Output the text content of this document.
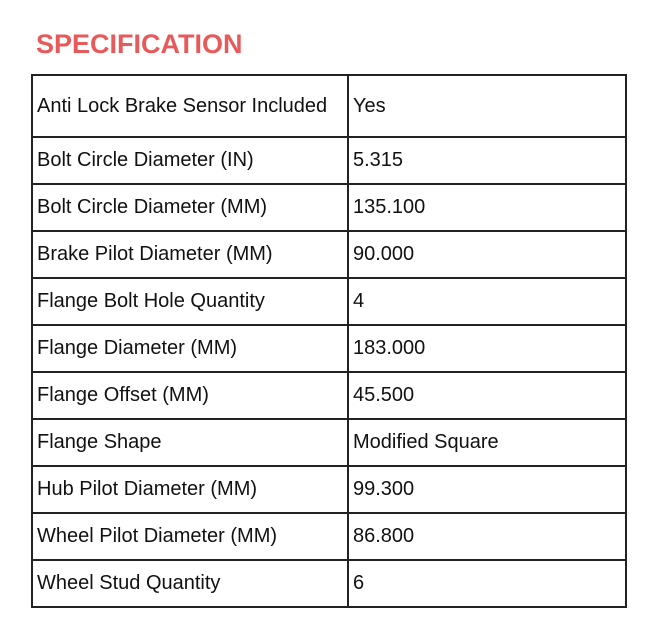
SPECIFICATION
Anti Lock Brake Sensor Included	Yes
Bolt Circle Diameter (IN)	5.315
Bolt Circle Diameter (MM)	135.100
Brake Pilot Diameter (MM)	90.000
Flange Bolt Hole Quantity	4
Flange Diameter (MM)	183.000
Flange Offset (MM)	45.500
Flange Shape	Modified Square
Hub Pilot Diameter (MM)	99.300
Wheel Pilot Diameter (MM)	86.800
Wheel Stud Quantity	6
